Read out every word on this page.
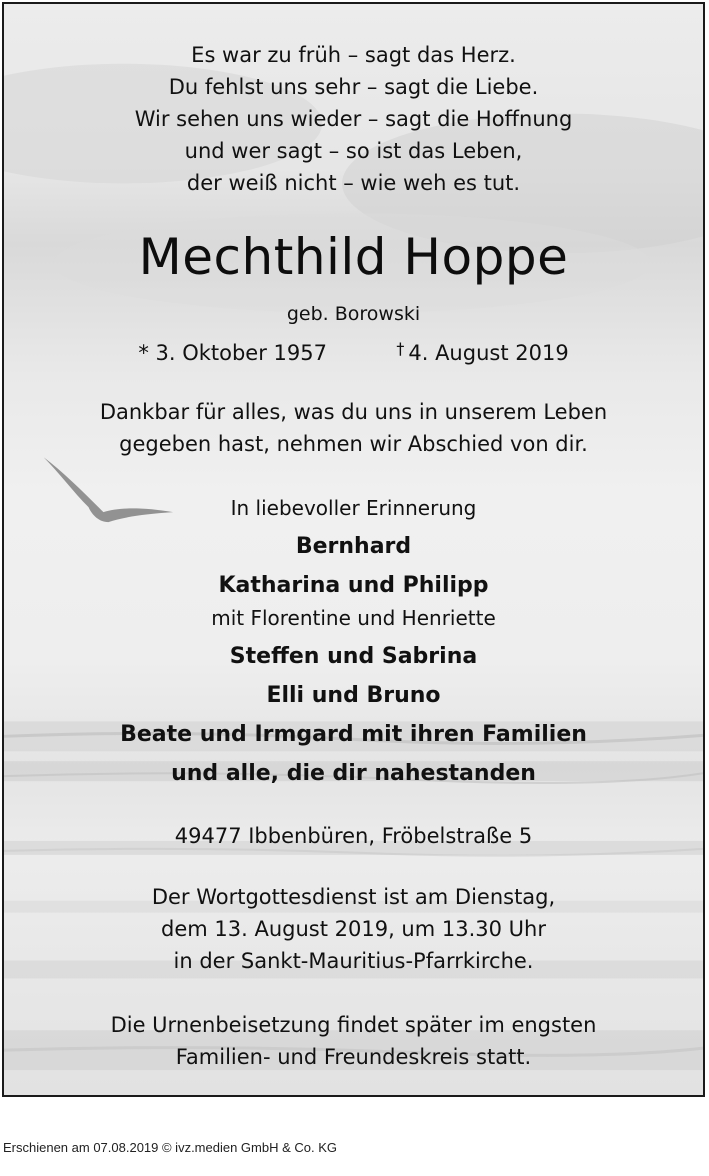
Es war zu früh – sagt das Herz.
Du fehlst uns sehr – sagt die Liebe.
Wir sehen uns wieder – sagt die Hoffnung
und wer sagt – so ist das Leben,
der weiß nicht – wie weh es tut.
Mechthild Hoppe
geb. Borowski
* 3. Oktober 1957	† 4. August 2019
Dankbar für alles, was du uns in unserem Leben
gegeben hast, nehmen wir Abschied von dir.
In liebevoller Erinnerung
Bernhard
Katharina und Philipp
mit Florentine und Henriette
Steffen und Sabrina
Elli und Bruno
Beate und Irmgard mit ihren Familien
und alle, die dir nahestanden
49477 Ibbenbüren, Fröbelstraße 5
Der Wortgottesdienst ist am Dienstag,
dem 13. August 2019, um 13.30 Uhr
in der Sankt-Mauritius-Pfarrkirche.
Die Urnenbeisetzung findet später im engsten
Familien- und Freundeskreis statt.
Erschienen am 07.08.2019 © ivz.medien GmbH & Co. KG
